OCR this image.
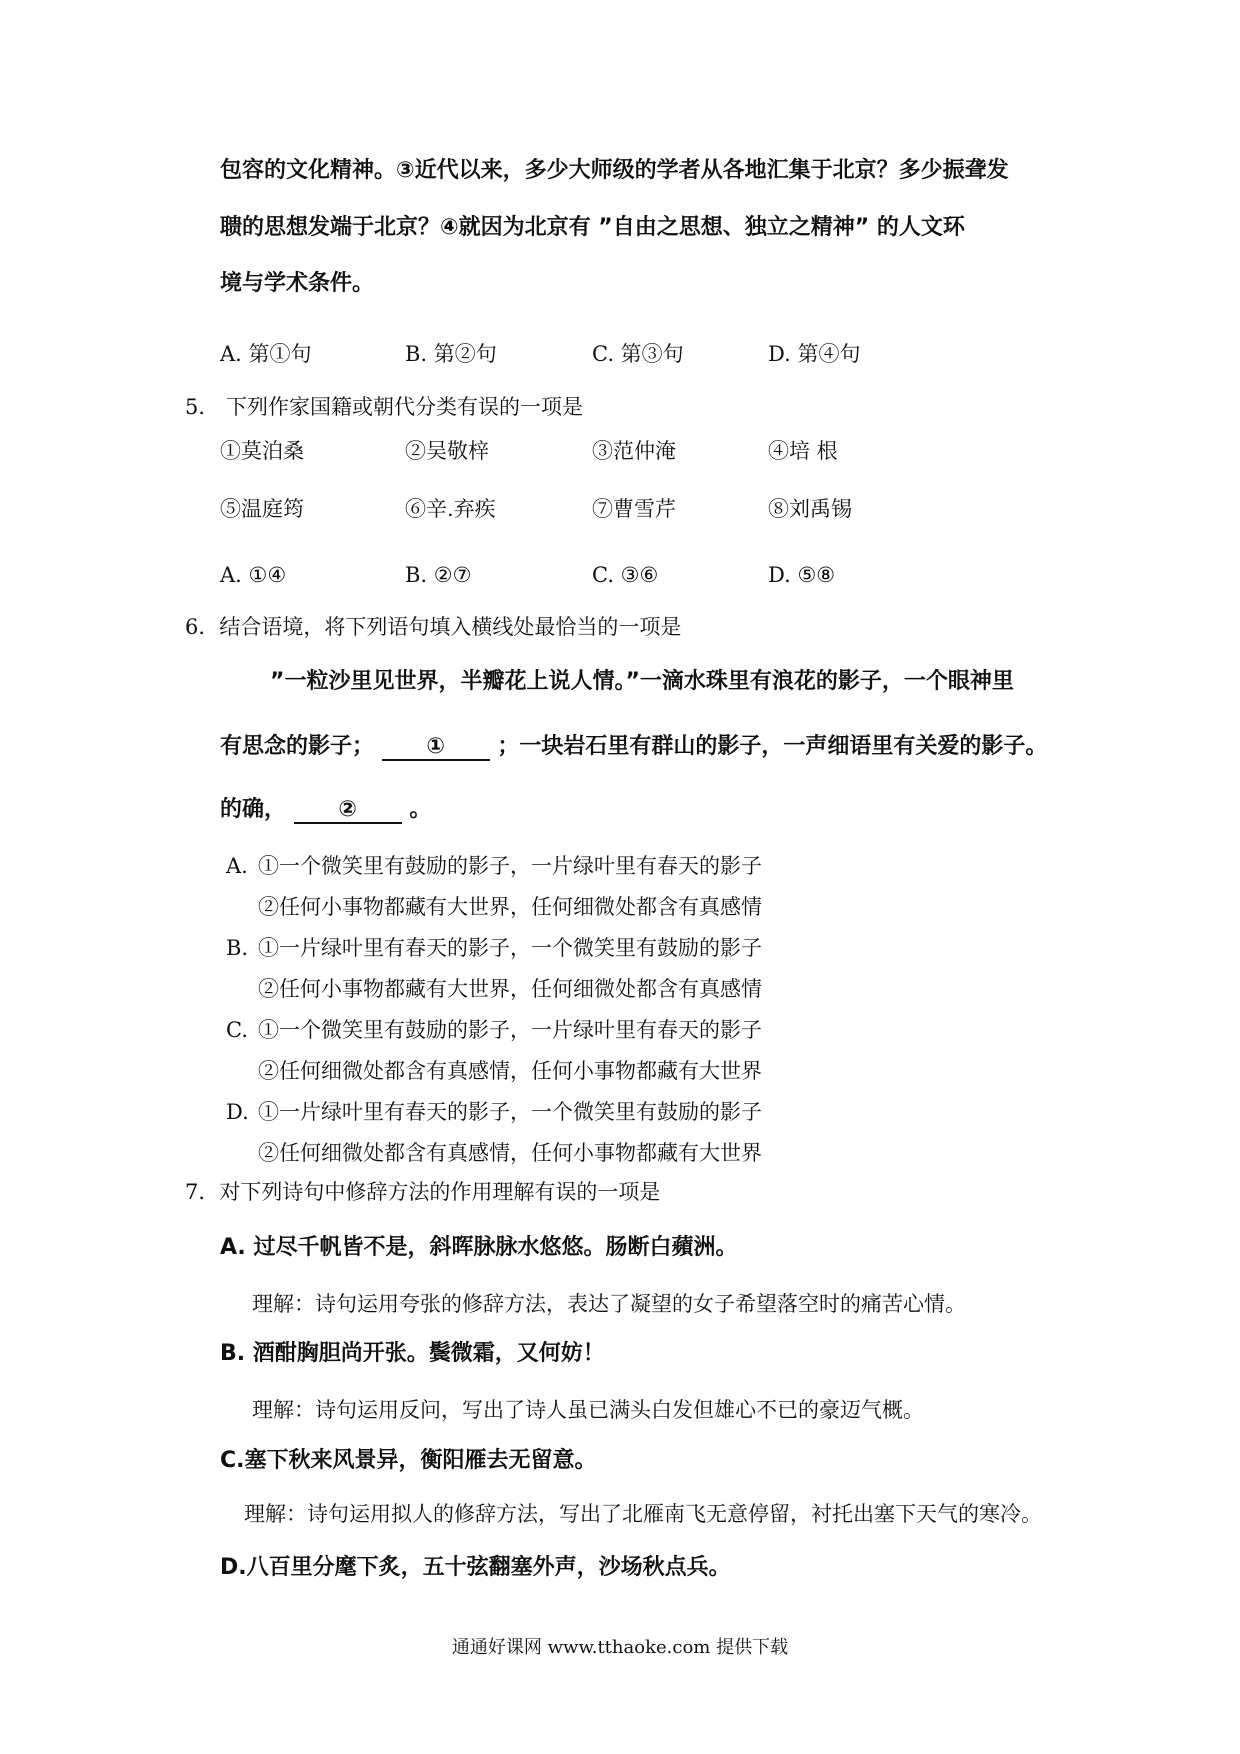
包容的文化精神。③近代以来，多少大师级的学者从各地汇集于北京？多少振聋发
聩的思想发端于北京？④就因为北京有 ”自由之思想、独立之精神” 的人文环
境与学术条件。
A. 第①句	B. 第②句	C. 第③句	D. 第④句
5． 下列作家国籍或朝代分类有误的一项是
①莫泊桑	②吴敬梓	③范仲淹	④培 根
⑤温庭筠	⑥辛.弃疾	⑦曹雪芹	⑧刘禹锡
A. ①④	B. ②⑦	C. ③⑥	D. ⑤⑧
6．结合语境，将下列语句填入横线处最恰当的一项是
”一粒沙里见世界，半瓣花上说人情。”一滴水珠里有浪花的影子，一个眼神里
有思念的影子； ① ；一块岩石里有群山的影子，一声细语里有关爱的影子。
的确， ② 。
A. ①一个微笑里有鼓励的影子，一片绿叶里有春天的影子
②任何小事物都藏有大世界，任何细微处都含有真感情
B. ①一片绿叶里有春天的影子，一个微笑里有鼓励的影子
②任何小事物都藏有大世界，任何细微处都含有真感情
C. ①一个微笑里有鼓励的影子，一片绿叶里有春天的影子
②任何细微处都含有真感情，任何小事物都藏有大世界
D. ①一片绿叶里有春天的影子，一个微笑里有鼓励的影子
②任何细微处都含有真感情，任何小事物都藏有大世界
7．对下列诗句中修辞方法的作用理解有误的一项是
A. 过尽千帆皆不是，斜晖脉脉水悠悠。肠断白蘋洲。
理解：诗句运用夸张的修辞方法，表达了凝望的女子希望落空时的痛苦心情。
B. 酒酣胸胆尚开张。鬓微霜，又何妨！
理解：诗句运用反问，写出了诗人虽已满头白发但雄心不已的豪迈气概。
C.塞下秋来风景异，衡阳雁去无留意。
理解：诗句运用拟人的修辞方法，写出了北雁南飞无意停留，衬托出塞下天气的寒冷。
D.八百里分麾下炙，五十弦翻塞外声，沙场秋点兵。
通通好课网 www.tthaoke.com 提供下载
